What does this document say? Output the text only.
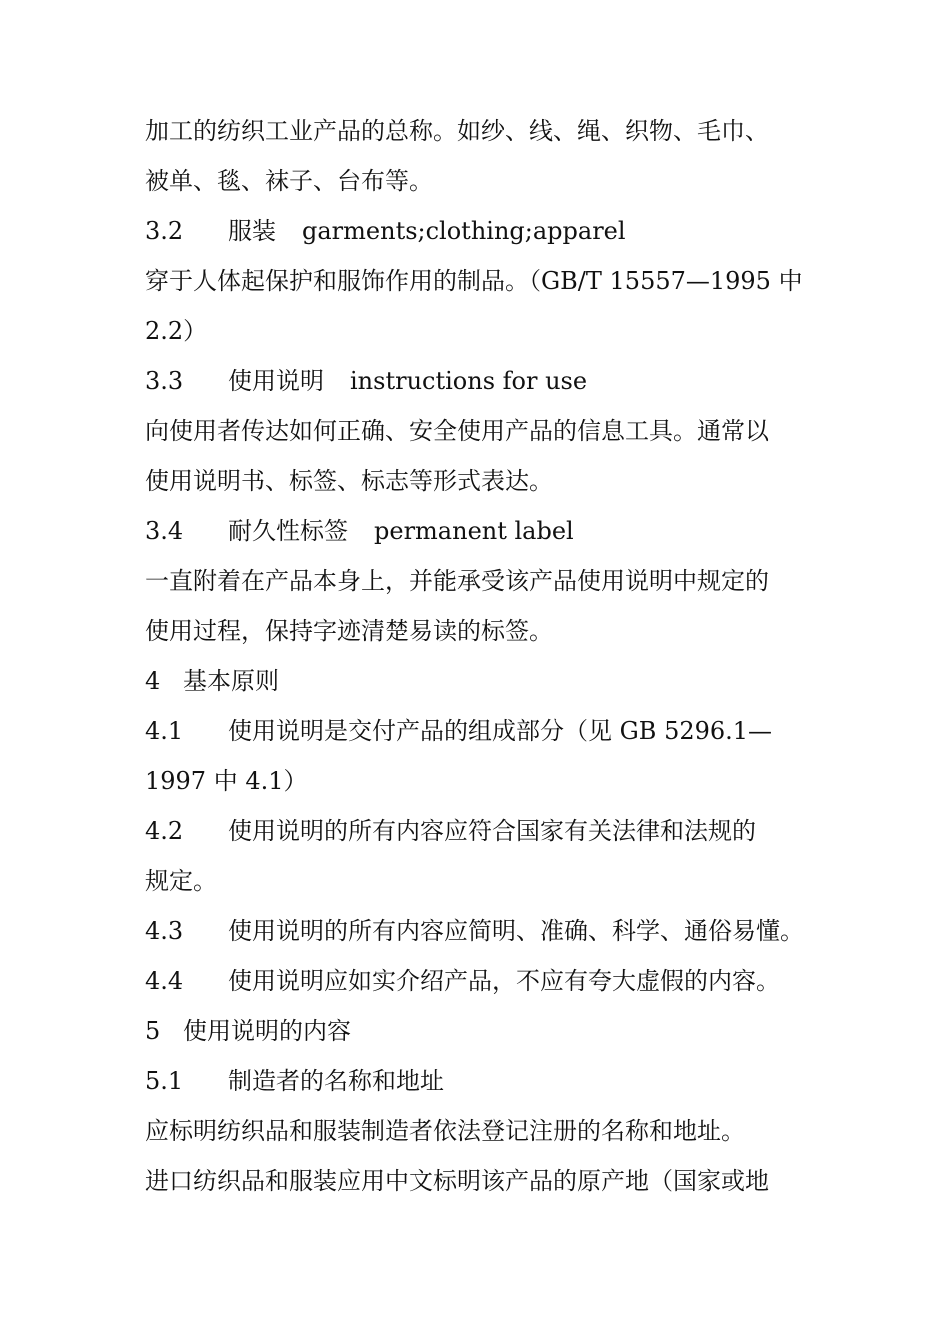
加工的纺织工业产品的总称。如纱、线、绳、织物、毛巾、
被单、毯、袜子、台布等。
3.2 服装 garments;clothing;apparel
穿于人体起保护和服饰作用的制品。（GB/T 15557—1995 中
2.2）
3.3 使用说明 instructions for use
向使用者传达如何正确、安全使用产品的信息工具。通常以
使用说明书、标签、标志等形式表达。
3.4 耐久性标签 permanent label
一直附着在产品本身上，并能承受该产品使用说明中规定的
使用过程，保持字迹清楚易读的标签。
4 基本原则
4.1 使用说明是交付产品的组成部分（见 GB 5296.1—
1997 中 4.1）
4.2 使用说明的所有内容应符合国家有关法律和法规的
规定。
4.3 使用说明的所有内容应简明、准确、科学、通俗易懂。
4.4 使用说明应如实介绍产品，不应有夸大虚假的内容。
5 使用说明的内容
5.1 制造者的名称和地址
应标明纺织品和服装制造者依法登记注册的名称和地址。
进口纺织品和服装应用中文标明该产品的原产地（国家或地
